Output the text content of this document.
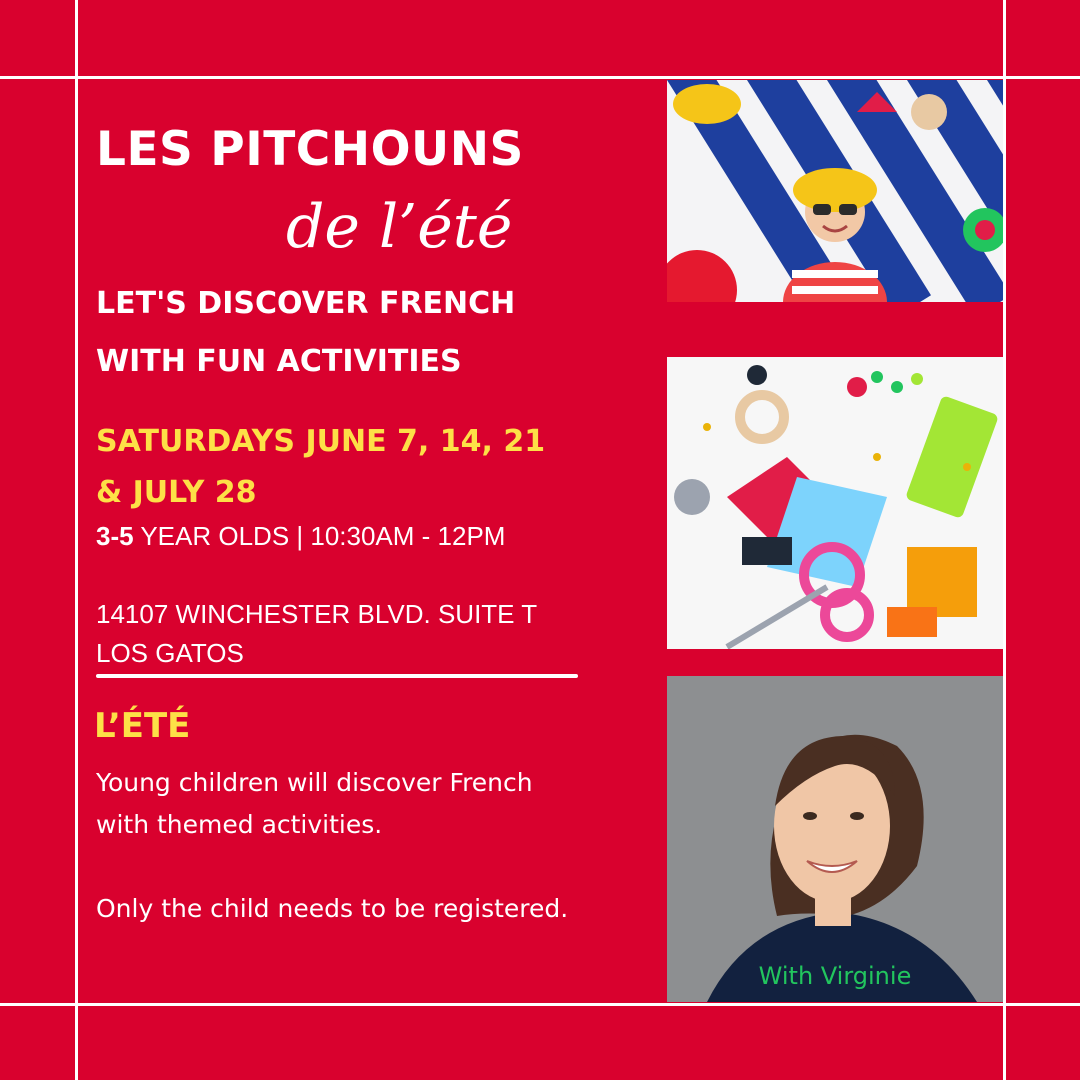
LES PITCHOUNS
de l’été

LET'S DISCOVER FRENCH

WITH FUN ACTIVITIES

SATURDAYS JUNE 7, 14, 21

& JULY 28

3-5 YEAR OLDS | 10:30AM - 12PM

14107 WINCHESTER BLVD. SUITE T

LOS GATOS

L’ÉTÉ

Young children will discover French

with themed activities.

Only the child needs to be registered.

With Virginie
